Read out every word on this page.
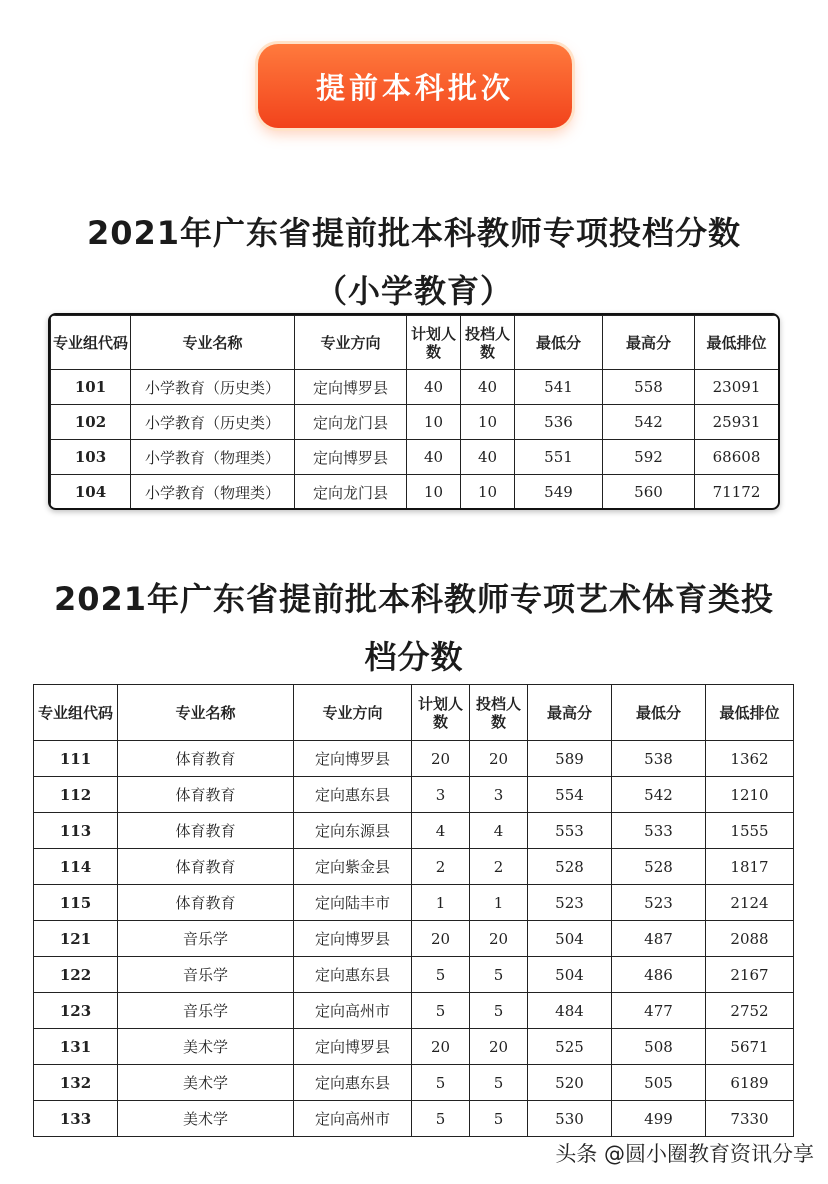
提前本科批次
2021年广东省提前批本科教师专项投档分数
（小学教育）
专业组代码	专业名称	专业方向	计划人数	投档人数	最低分	最高分	最低排位
101	小学教育（历史类）	定向博罗县	40	40	541	558	23091
102	小学教育（历史类）	定向龙门县	10	10	536	542	25931
103	小学教育（物理类）	定向博罗县	40	40	551	592	68608
104	小学教育（物理类）	定向龙门县	10	10	549	560	71172
2021年广东省提前批本科教师专项艺术体育类投
档分数
专业组代码	专业名称	专业方向	计划人数	投档人数	最高分	最低分	最低排位
111	体育教育	定向博罗县	20	20	589	538	1362
112	体育教育	定向惠东县	3	3	554	542	1210
113	体育教育	定向东源县	4	4	553	533	1555
114	体育教育	定向紫金县	2	2	528	528	1817
115	体育教育	定向陆丰市	1	1	523	523	2124
121	音乐学	定向博罗县	20	20	504	487	2088
122	音乐学	定向惠东县	5	5	504	486	2167
123	音乐学	定向高州市	5	5	484	477	2752
131	美术学	定向博罗县	20	20	525	508	5671
132	美术学	定向惠东县	5	5	520	505	6189
133	美术学	定向高州市	5	5	530	499	7330
头条 @圆小圈教育资讯分享
